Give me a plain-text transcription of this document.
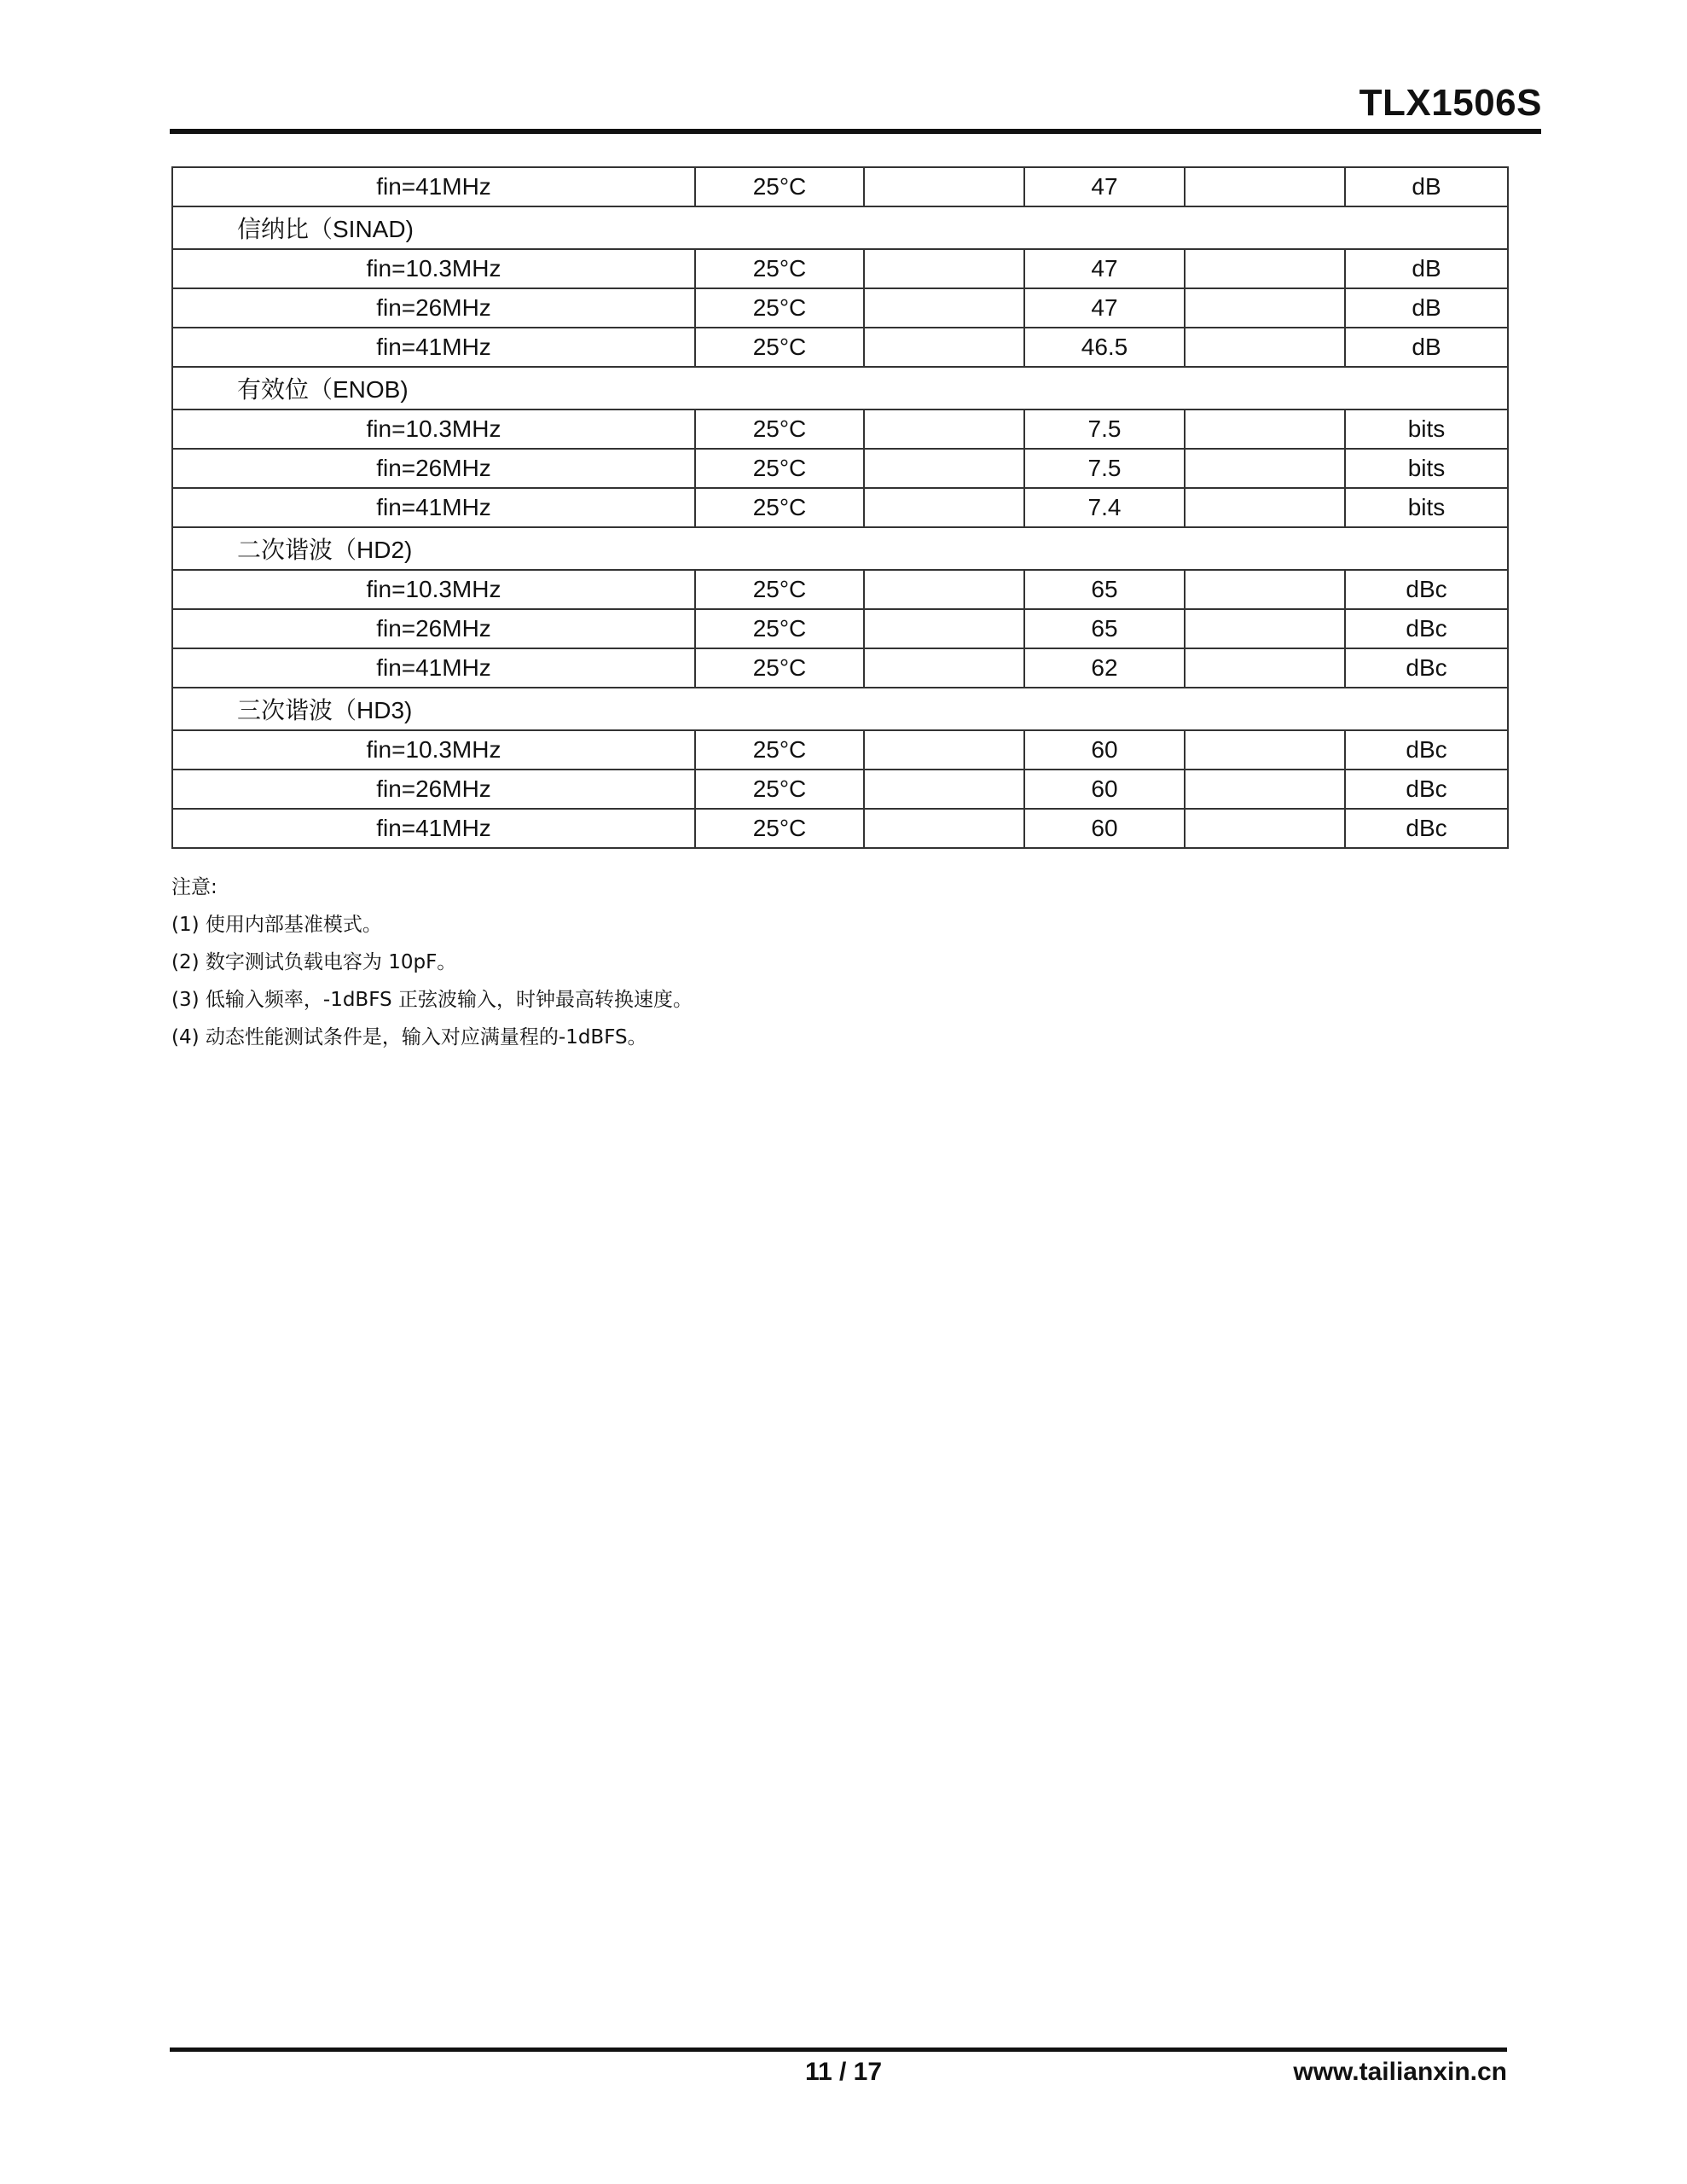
TLX1506S
fin=41MHz	25°C		47		dB
信纳比（SINAD)					
fin=10.3MHz	25°C		47		dB
fin=26MHz	25°C		47		dB
fin=41MHz	25°C		46.5		dB
有效位（ENOB)					
fin=10.3MHz	25°C		7.5		bits
fin=26MHz	25°C		7.5		bits
fin=41MHz	25°C		7.4		bits
二次谐波（HD2)					
fin=10.3MHz	25°C		65		dBc
fin=26MHz	25°C		65		dBc
fin=41MHz	25°C		62		dBc
三次谐波（HD3)					
fin=10.3MHz	25°C		60		dBc
fin=26MHz	25°C		60		dBc
fin=41MHz	25°C		60		dBc
注意:
(1) 使用内部基准模式。
(2) 数字测试负载电容为 10pF。
(3) 低输入频率，-1dBFS 正弦波输入，时钟最高转换速度。
(4) 动态性能测试条件是，输入对应满量程的-1dBFS。
11 / 17	www.tailianxin.cn
